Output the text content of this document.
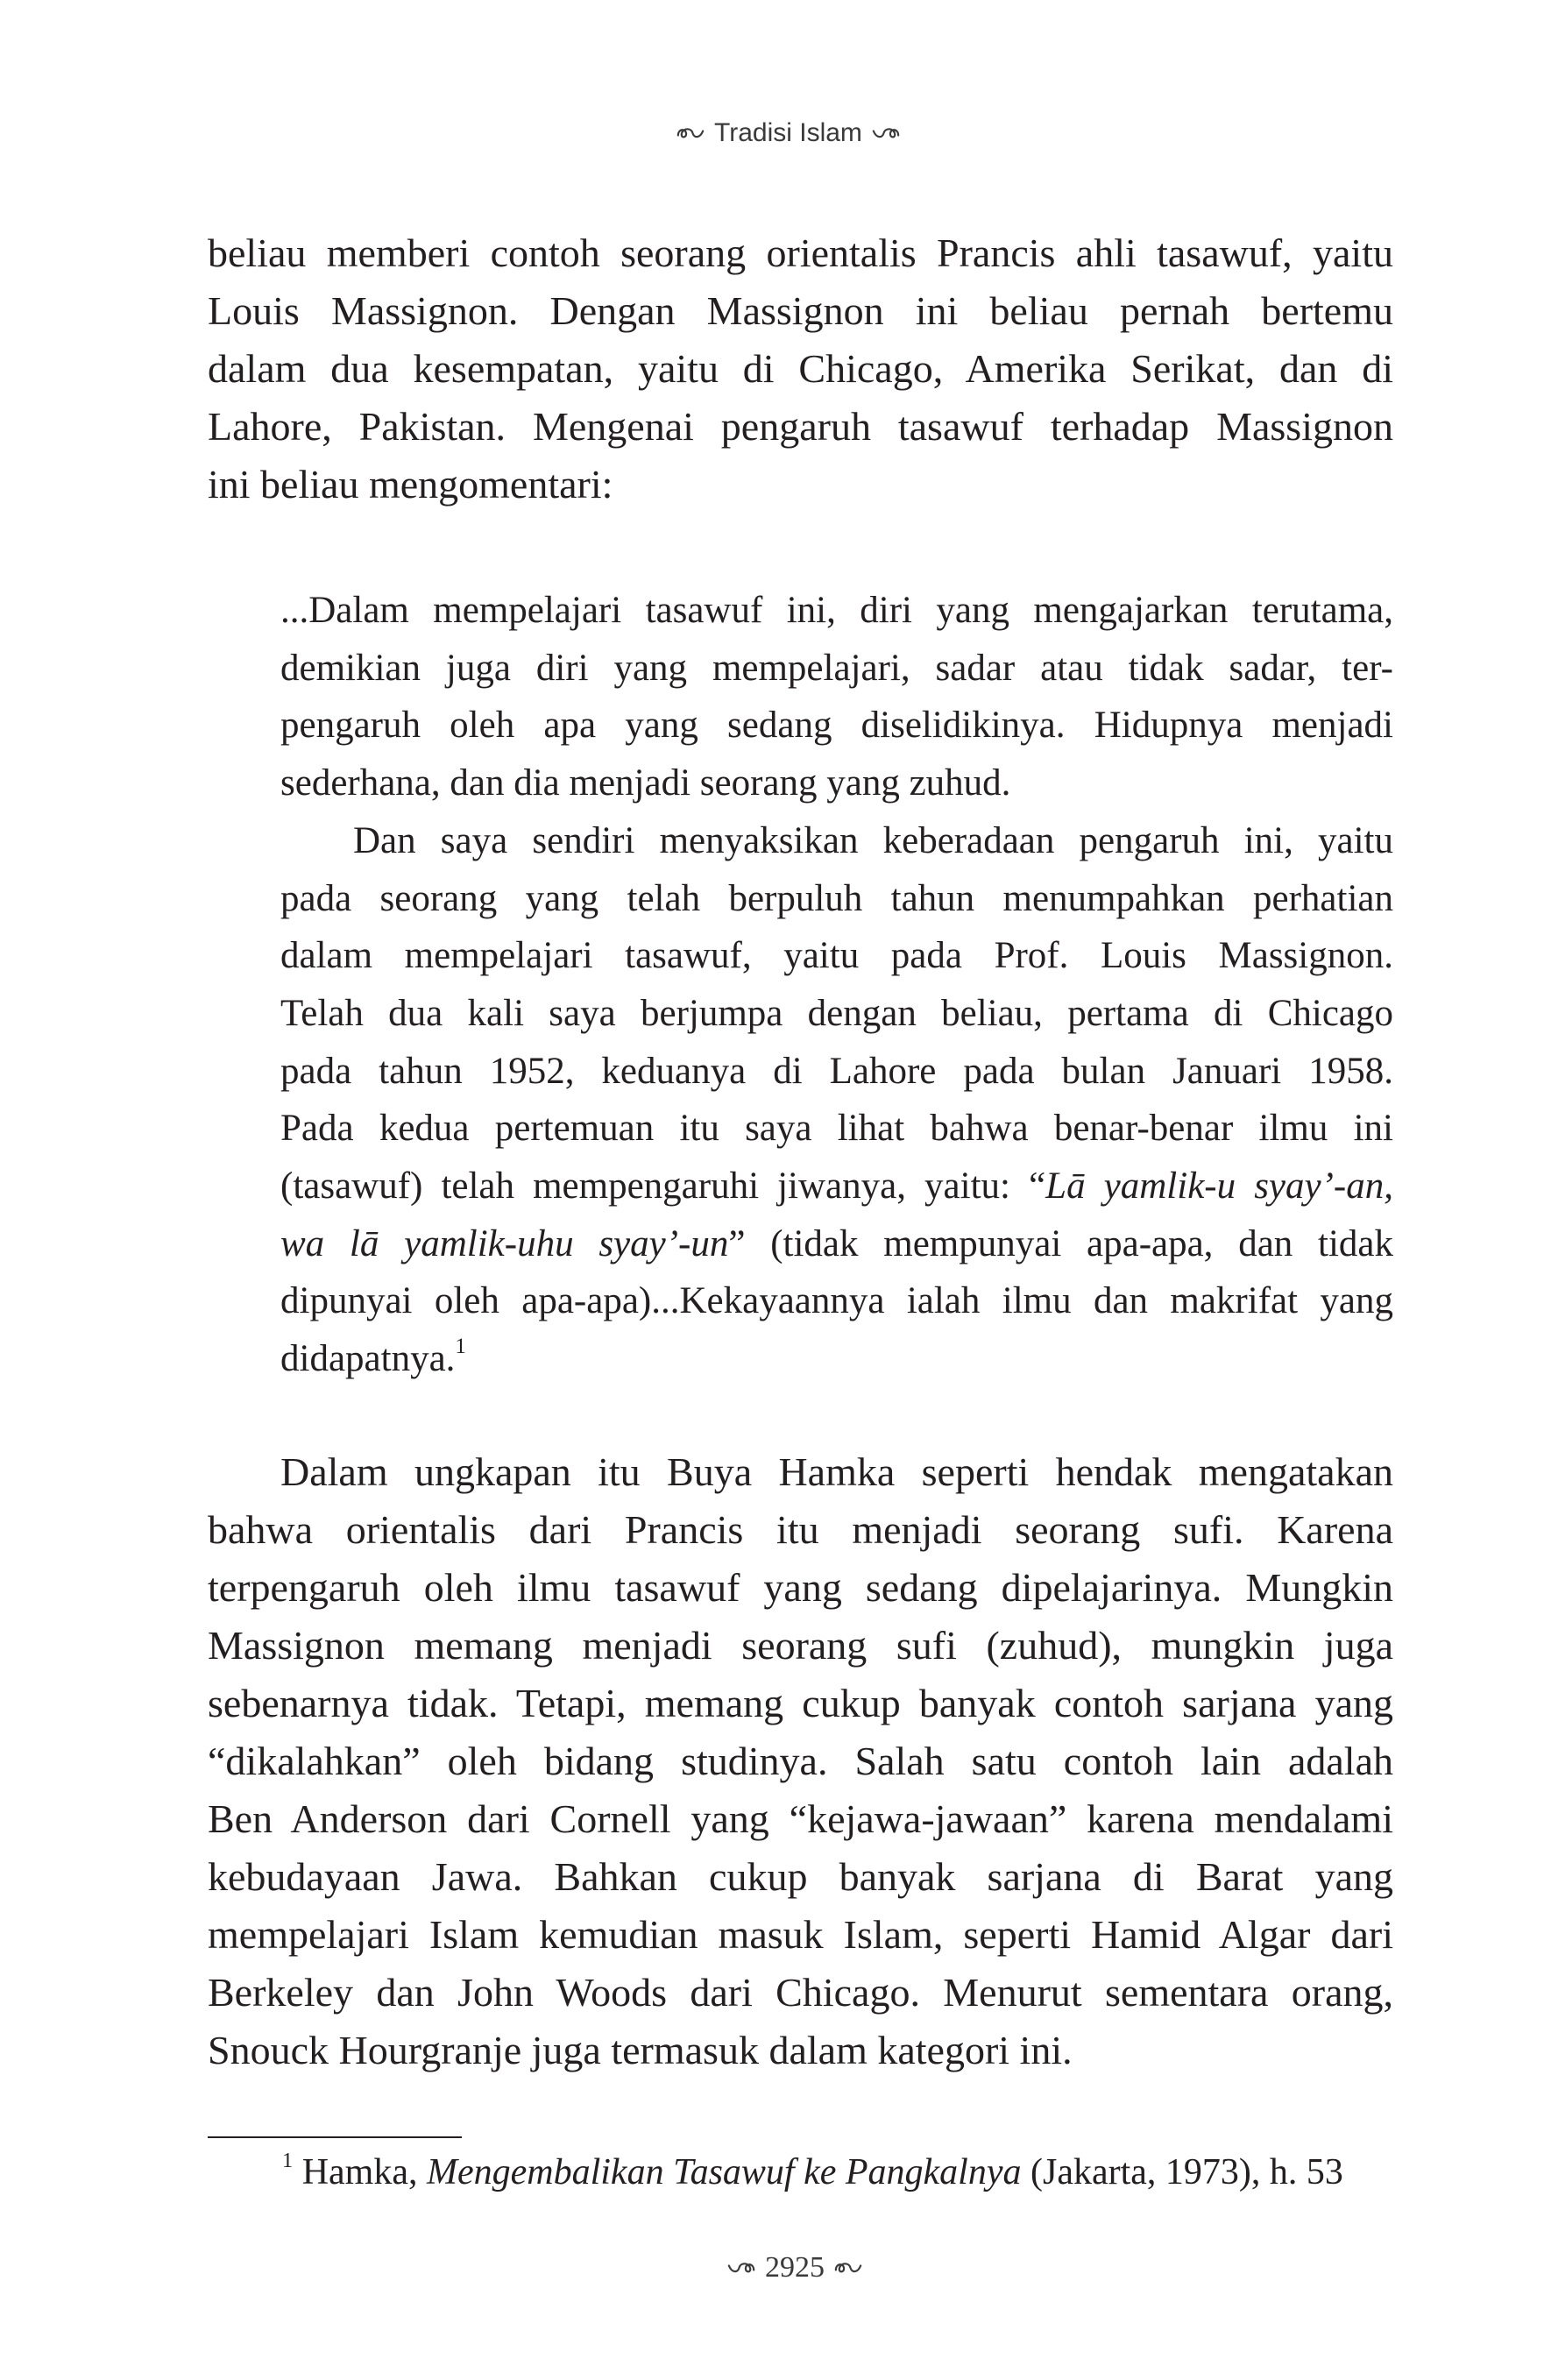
Tradisi Islam
beliau memberi contoh seorang orientalis Prancis ahli tasawuf, yaitu
Louis Massignon. Dengan Massignon ini beliau pernah bertemu
dalam dua kesempatan, yaitu di Chicago, Amerika Serikat, dan di
Lahore, Pakistan. Mengenai pengaruh tasawuf terhadap Massignon
ini beliau mengomentari:
...Dalam mempelajari tasawuf ini, diri yang mengajarkan terutama,
demikian juga diri yang mempelajari, sadar atau tidak sadar, ter-
pengaruh oleh apa yang sedang diselidikinya. Hidupnya menjadi
sederhana, dan dia menjadi seorang yang zuhud.
Dan saya sendiri menyaksikan keberadaan pengaruh ini, yaitu
pada seorang yang telah berpuluh tahun menumpahkan perhatian
dalam mempelajari tasawuf, yaitu pada Prof. Louis Massignon.
Telah dua kali saya berjumpa dengan beliau, pertama di Chicago
pada tahun 1952, keduanya di Lahore pada bulan Januari 1958.
Pada kedua pertemuan itu saya lihat bahwa benar-benar ilmu ini
(tasawuf) telah mempengaruhi jiwanya, yaitu: “Lā yamlik-u syay’-an,
wa lā yamlik-uhu syay’-un” (tidak mempunyai apa-apa, dan tidak
dipunyai oleh apa-apa)...Kekayaannya ialah ilmu dan makrifat yang
didapatnya.$^1$
Dalam ungkapan itu Buya Hamka seperti hendak mengatakan
bahwa orientalis dari Prancis itu menjadi seorang sufi. Karena
terpengaruh oleh ilmu tasawuf yang sedang dipelajarinya. Mungkin
Massignon memang menjadi seorang sufi (zuhud), mungkin juga
sebenarnya tidak. Tetapi, memang cukup banyak contoh sarjana yang
“dikalahkan” oleh bidang studinya. Salah satu contoh lain adalah
Ben Anderson dari Cornell yang “kejawa-jawaan” karena mendalami
kebudayaan Jawa. Bahkan cukup banyak sarjana di Barat yang
mempelajari Islam kemudian masuk Islam, seperti Hamid Algar dari
Berkeley dan John Woods dari Chicago. Menurut sementara orang,
Snouck Hourgranje juga termasuk dalam kategori ini.
$^1$ Hamka, Mengembalikan Tasawuf ke Pangkalnya (Jakarta, 1973), h. 53
2925
